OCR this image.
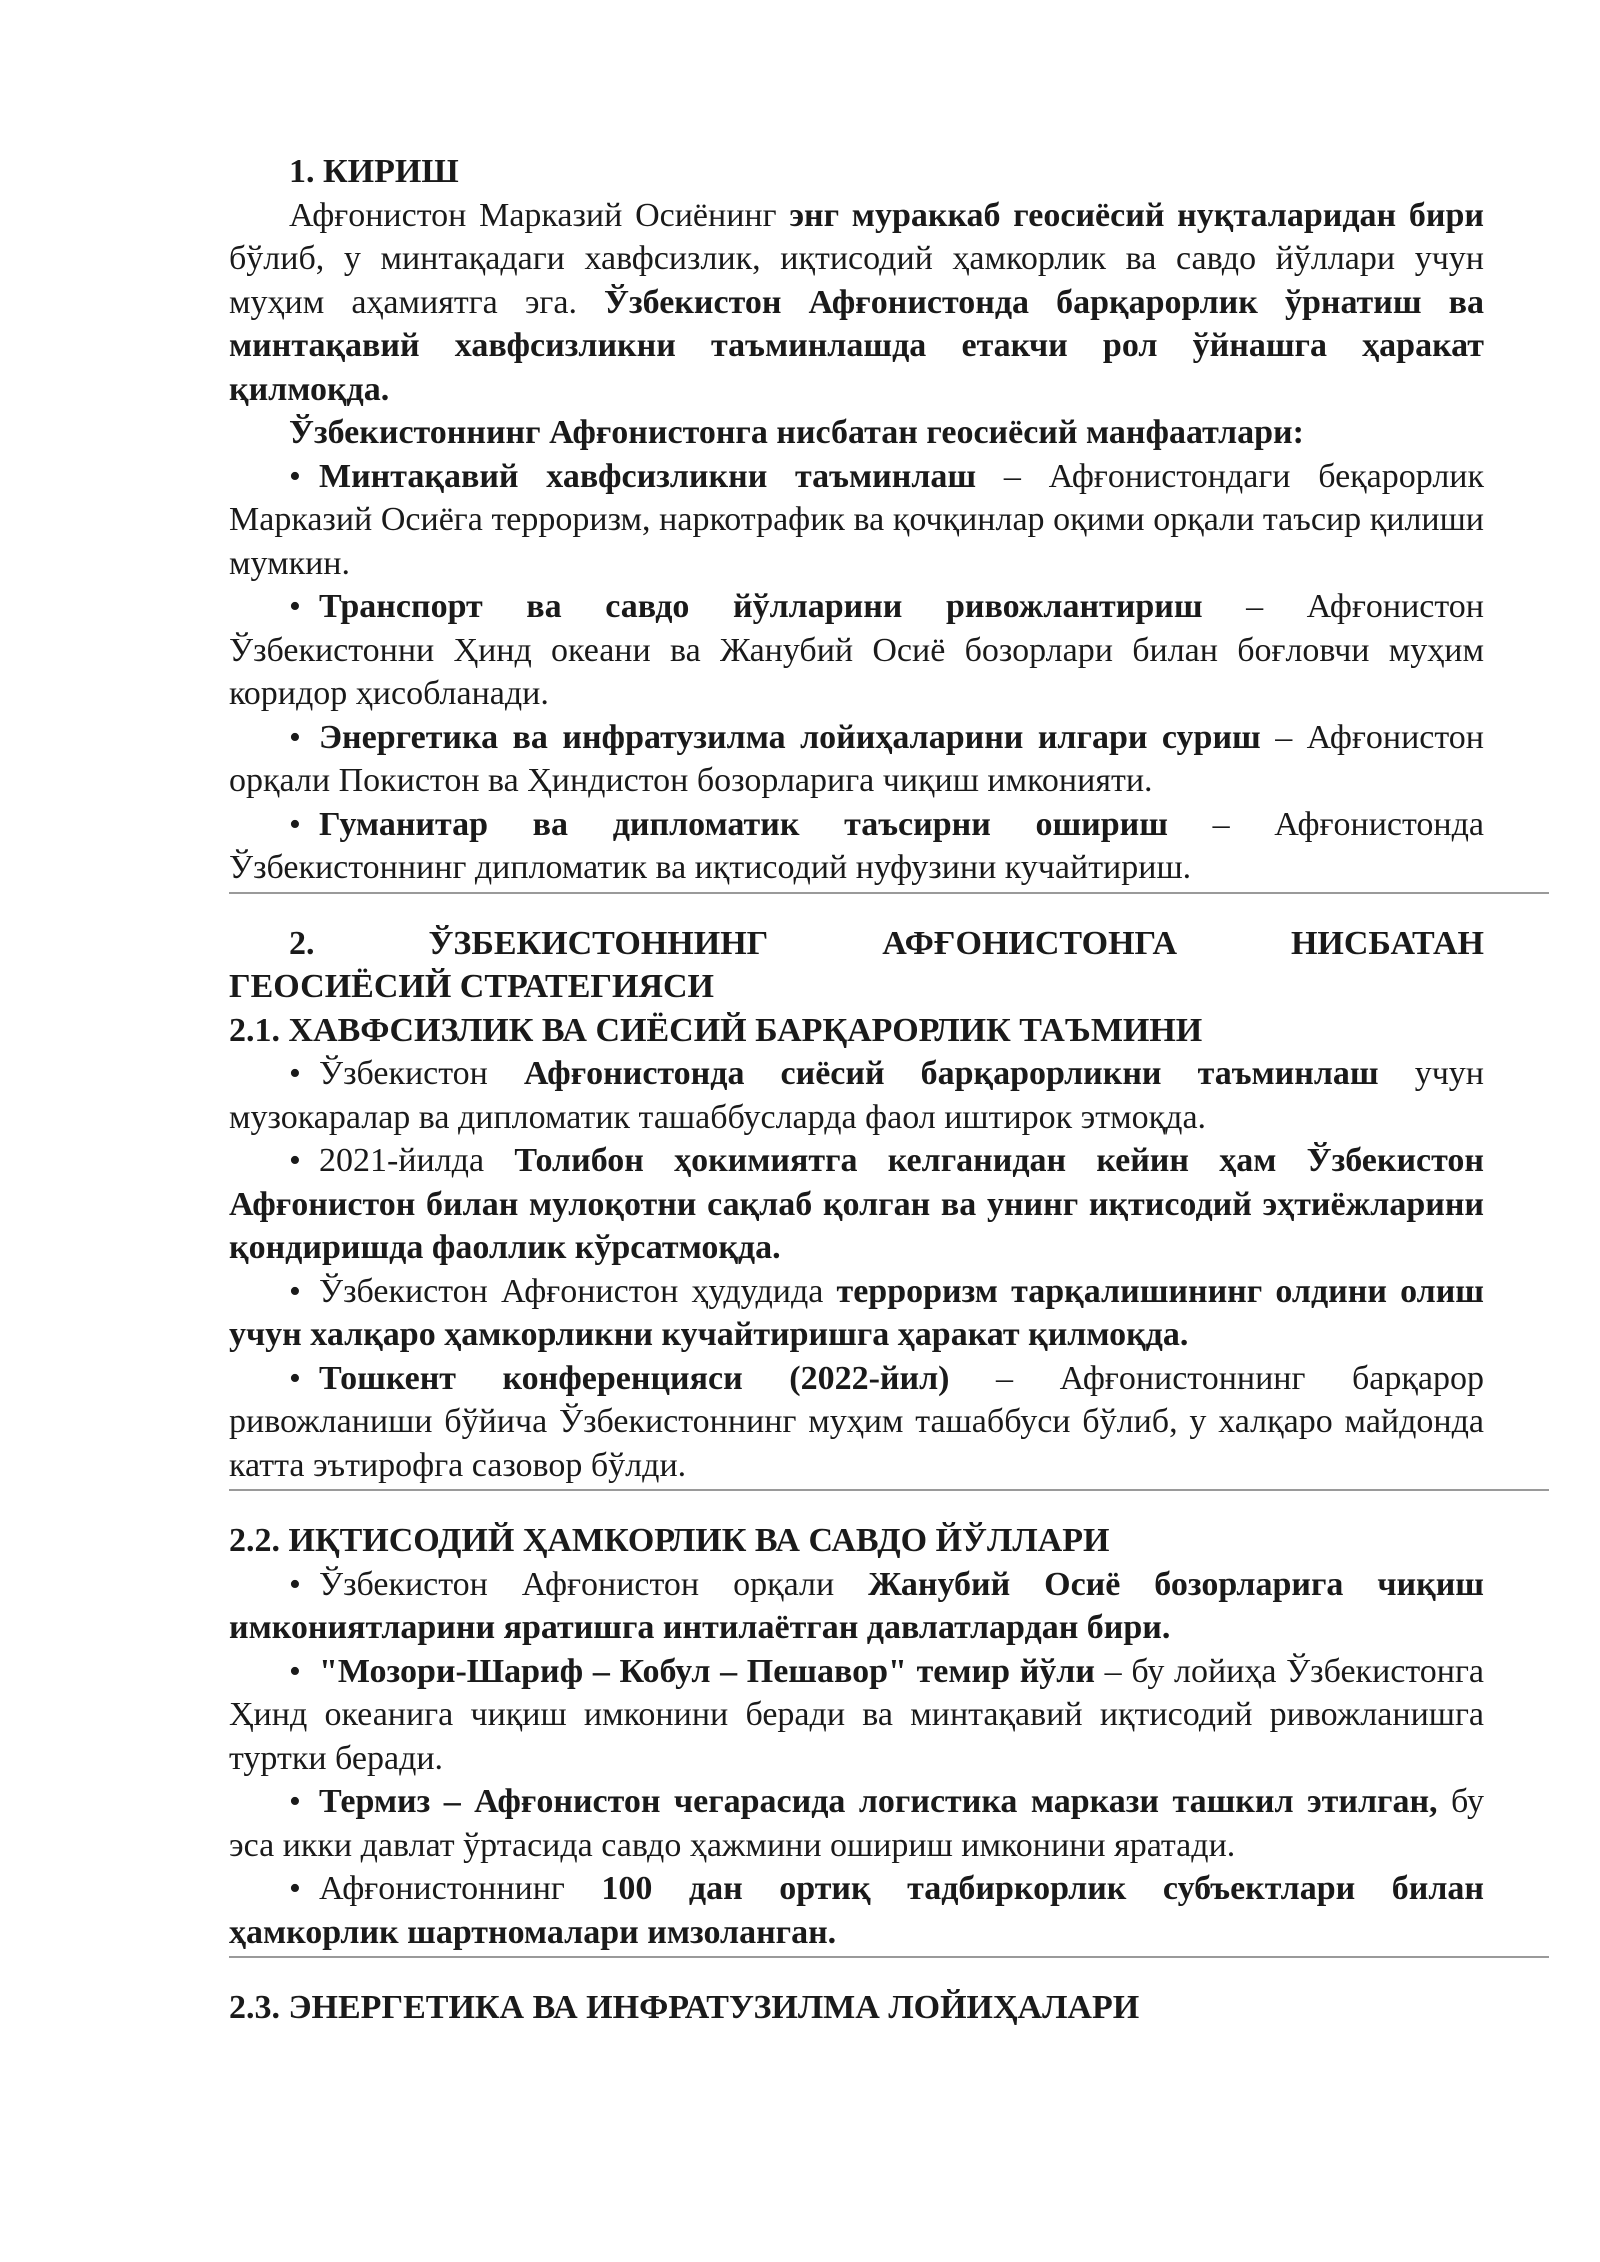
1. КИРИШ

Афғонистон Марказий Осиёнинг энг мураккаб геосиёсий нуқталаридан бири бўлиб, у минтақадаги хавфсизлик, иқтисодий ҳамкорлик ва савдо йўллари учун муҳим аҳамиятга эга. Ўзбекистон Афғонистонда барқарорлик ўрнатиш ва минтақавий хавфсизликни таъминлашда етакчи рол ўйнашга ҳаракат қилмоқда.

Ўзбекистоннинг Афғонистонга нисбатан геосиёсий манфаатлари:

• Минтақавий хавфсизликни таъминлаш – Афғонистондаги беқарорлик Марказий Осиёга терроризм, наркотрафик ва қочқинлар оқими орқали таъсир қилиши мумкин.

• Транспорт ва савдо йўлларини ривожлантириш – Афғонистон Ўзбекистонни Ҳинд океани ва Жанубий Осиё бозорлари билан боғловчи муҳим коридор ҳисобланади.

• Энергетика ва инфратузилма лойиҳаларини илгари суриш – Афғонистон орқали Покистон ва Ҳиндистон бозорларига чиқиш имконияти.

• Гуманитар ва дипломатик таъсирни ошириш – Афғонистонда Ўзбекистоннинг дипломатик ва иқтисодий нуфузини кучайтириш.

2. ЎЗБЕКИСТОННИНГ АФҒОНИСТОНГА НИСБАТАН
ГЕОСИЁСИЙ СТРАТЕГИЯСИ
2.1. ХАВФСИЗЛИК ВА СИЁСИЙ БАРҚАРОРЛИК ТАЪМИНИ

• Ўзбекистон Афғонистонда сиёсий барқарорликни таъминлаш учун музокаралар ва дипломатик ташаббусларда фаол иштирок этмоқда.

• 2021-йилда Толибон ҳокимиятга келганидан кейин ҳам Ўзбекистон Афғонистон билан мулоқотни сақлаб қолган ва унинг иқтисодий эҳтиёжларини қондиришда фаоллик кўрсатмоқда.

• Ўзбекистон Афғонистон ҳудудида терроризм тарқалишининг олдини олиш учун халқаро ҳамкорликни кучайтиришга ҳаракат қилмоқда.

• Тошкент конференцияси (2022-йил) – Афғонистоннинг барқарор ривожланиши бўйича Ўзбекистоннинг муҳим ташаббуси бўлиб, у халқаро майдонда катта эътирофга сазовор бўлди.

2.2. ИҚТИСОДИЙ ҲАМКОРЛИК ВА САВДО ЙЎЛЛАРИ

• Ўзбекистон Афғонистон орқали Жанубий Осиё бозорларига чиқиш имкониятларини яратишга интилаётган давлатлардан бири.

• "Мозори-Шариф – Кобул – Пешавор" темир йўли – бу лойиҳа Ўзбекистонга Ҳинд океанига чиқиш имконини беради ва минтақавий иқтисодий ривожланишга туртки беради.

• Термиз – Афғонистон чегарасида логистика маркази ташкил этилган, бу эса икки давлат ўртасида савдо ҳажмини ошириш имконини яратади.

• Афғонистоннинг 100 дан ортиқ тадбиркорлик субъектлари билан ҳамкорлик шартномалари имзоланган.

2.3. ЭНЕРГЕТИКА ВА ИНФРАТУЗИЛМА ЛОЙИҲАЛАРИ
